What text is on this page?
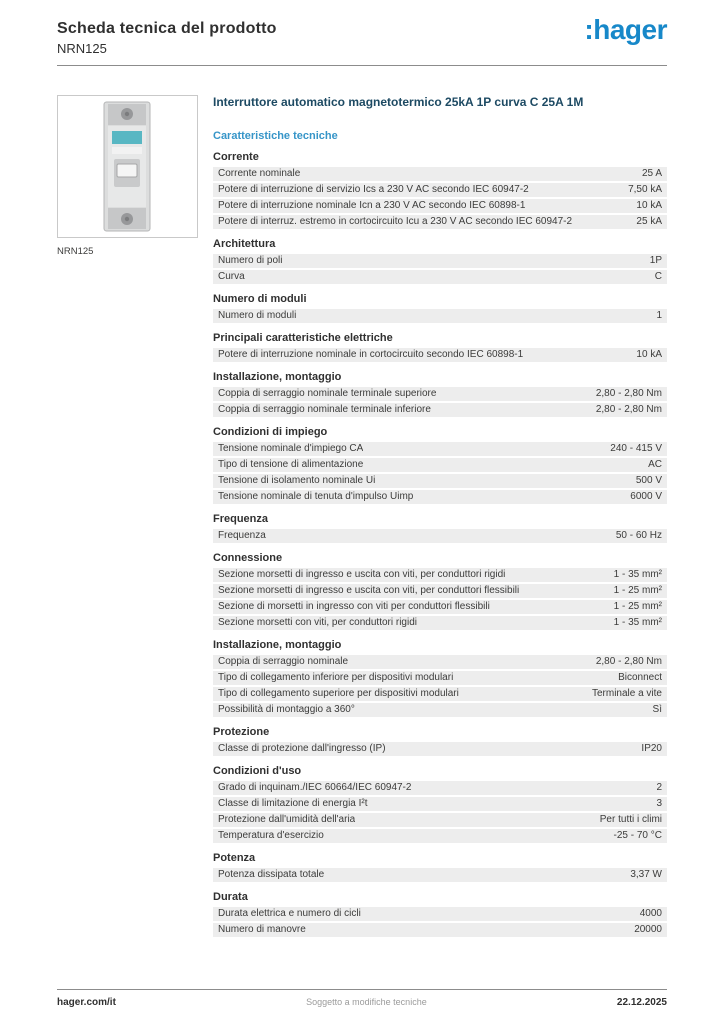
Scheda tecnica del prodotto
NRN125
:hager
NRN125
Interruttore automatico magnetotermico 25kA 1P curva C 25A 1M
Caratteristiche tecniche
Corrente
Corrente nominale	25 A
Potere di interruzione di servizio Ics a 230 V AC secondo IEC 60947-2	7,50 kA
Potere di interruzione nominale Icn a 230 V AC secondo IEC 60898-1	10 kA
Potere di interruz. estremo in cortocircuito Icu a 230 V AC secondo IEC 60947-2	25 kA
Architettura
Numero di poli	1P
Curva	C
Numero di moduli
Numero di moduli	1
Principali caratteristiche elettriche
Potere di interruzione nominale in cortocircuito secondo IEC 60898-1	10 kA
Installazione, montaggio
Coppia di serraggio nominale terminale superiore	2,80 - 2,80 Nm
Coppia di serraggio nominale terminale inferiore	2,80 - 2,80 Nm
Condizioni di impiego
Tensione nominale d'impiego CA	240 - 415 V
Tipo di tensione di alimentazione	AC
Tensione di isolamento nominale Ui	500 V
Tensione nominale di tenuta d'impulso Uimp	6000 V
Frequenza
Frequenza	50 - 60 Hz
Connessione
Sezione morsetti di ingresso e uscita con viti, per conduttori rigidi	1 - 35 mm²
Sezione morsetti di ingresso e uscita con viti, per conduttori flessibili	1 - 25 mm²
Sezione di morsetti in ingresso con viti per conduttori flessibili	1 - 25 mm²
Sezione morsetti con viti, per conduttori rigidi	1 - 35 mm²
Installazione, montaggio
Coppia di serraggio nominale	2,80 - 2,80 Nm
Tipo di collegamento inferiore per dispositivi modulari	Biconnect
Tipo di collegamento superiore per dispositivi modulari	Terminale a vite
Possibilità di montaggio a 360°	Sì
Protezione
Classe di protezione dall'ingresso (IP)	IP20
Condizioni d'uso
Grado di inquinam./IEC 60664/IEC 60947-2	2
Classe di limitazione di energia I²t	3
Protezione dall'umidità dell'aria	Per tutti i climi
Temperatura d'esercizio	-25 - 70 °C
Potenza
Potenza dissipata totale	3,37 W
Durata
Durata elettrica e numero di cicli	4000
Numero di manovre	20000
hager.com/it	Soggetto a modifiche tecniche	22.12.2025
